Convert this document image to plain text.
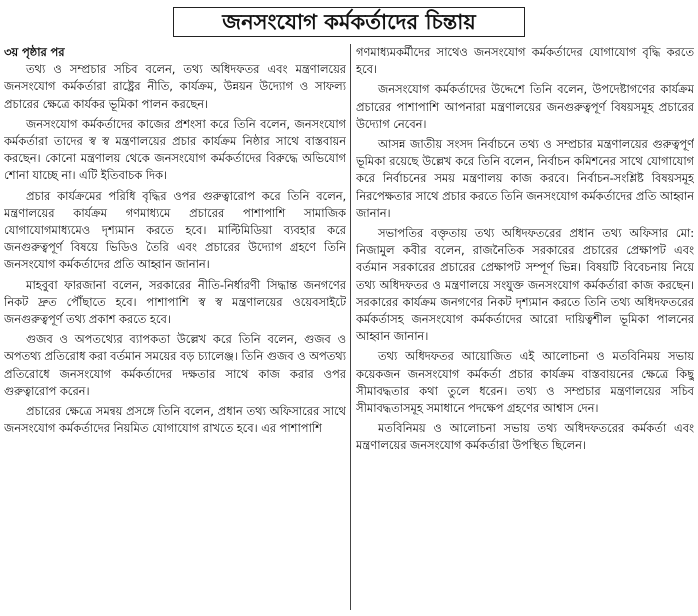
জনসংযোগ কর্মকর্তাদের চিন্তায়

৩য় পৃষ্ঠার পর

তথ্য ও সম্প্রচার সচিব বলেন, তথ্য অধিদফতর এবং মন্ত্রণালয়ের জনসংযোগ কর্মকর্তারা রাষ্ট্রের নীতি, কার্যক্রম, উন্নয়ন উদ্যোগ ও সাফল্য প্রচারের ক্ষেত্রে কার্যকর ভূমিকা পালন করছেন।

জনসংযোগ কর্মকর্তাদের কাজের প্রশংসা করে তিনি বলেন, জনসংযোগ কর্মকর্তারা তাদের স্ব স্ব মন্ত্রণালয়ের প্রচার কার্যক্রম নিষ্ঠার সাথে বাস্তবায়ন করছেন। কোনো মন্ত্রণালয় থেকে জনসংযোগ কর্মকর্তাদের বিরুদ্ধে অভিযোগ শোনা যাচ্ছে না। এটি ইতিবাচক দিক।

প্রচার কার্যক্রমের পরিধি বৃদ্ধির ওপর গুরুত্বারোপ করে তিনি বলেন, মন্ত্রণালয়ের কার্যক্রম গণমাধ্যমে প্রচারের পাশাপাশি সামাজিক যোগাযোগমাধ্যমেও দৃশ্যমান করতে হবে। মাল্টিমিডিয়া ব্যবহার করে জনগুরুত্বপূর্ণ বিষয়ে ভিডিও তৈরি এবং প্রচারের উদ্যোগ গ্রহণে তিনি জনসংযোগ কর্মকর্তাদের প্রতি আহ্বান জানান।

মাহবুবা ফারজানা বলেন, সরকারের নীতি-নির্ধারণী সিদ্ধান্ত জনগণের নিকট দ্রুত পৌঁছাতে হবে। পাশাপাশি স্ব স্ব মন্ত্রণালয়ের ওয়েবসাইটে জনগুরুত্বপূর্ণ তথ্য প্রকাশ করতে হবে।

গুজব ও অপতথ্যের ব্যাপকতা উল্লেখ করে তিনি বলেন, গুজব ও অপতথ্য প্রতিরোধ করা বর্তমান সময়ের বড় চ্যালেঞ্জ। তিনি গুজব ও অপতথ্য প্রতিরোধে জনসংযোগ কর্মকর্তাদের দক্ষতার সাথে কাজ করার ওপর গুরুত্বারোপ করেন।

প্রচারের ক্ষেত্রে সমন্বয় প্রসঙ্গে তিনি বলেন, প্রধান তথ্য অফিসারের সাথে জনসংযোগ কর্মকর্তাদের নিয়মিত যোগাযোগ রাখতে হবে। এর পাশাপাশি

গণমাধ্যমকর্মীদের সাথেও জনসংযোগ কর্মকর্তাদের যোগাযোগ বৃদ্ধি করতে হবে।

জনসংযোগ কর্মকর্তাদের উদ্দেশে তিনি বলেন, উপদেষ্টাগণের কার্যক্রম প্রচারের পাশাপাশি আপনারা মন্ত্রণালয়ের জনগুরুত্বপূর্ণ বিষয়সমূহ প্রচারের উদ্যোগ নেবেন।

আসন্ন জাতীয় সংসদ নির্বাচনে তথ্য ও সম্প্রচার মন্ত্রণালয়ের গুরুত্বপূর্ণ ভূমিকা রয়েছে উল্লেখ করে তিনি বলেন, নির্বাচন কমিশনের সাথে যোগাযোগ করে নির্বাচনের সময় মন্ত্রণালয় কাজ করবে। নির্বাচন-সংশ্লিষ্ট বিষয়সমূহ নিরপেক্ষতার সাথে প্রচার করতে তিনি জনসংযোগ কর্মকর্তাদের প্রতি আহ্বান জানান।

সভাপতির বক্তৃতায় তথ্য অধিদফতরের প্রধান তথ্য অফিসার মো: নিজামুল কবীর বলেন, রাজনৈতিক সরকারের প্রচারের প্রেক্ষাপট এবং বর্তমান সরকারের প্রচারের প্রেক্ষাপট সম্পূর্ণ ভিন্ন। বিষয়টি বিবেচনায় নিয়ে তথ্য অধিদফতর ও মন্ত্রণালয়ে সংযুক্ত জনসংযোগ কর্মকর্তারা কাজ করছেন। সরকারের কার্যক্রম জনগণের নিকট দৃশ্যমান করতে তিনি তথ্য অধিদফতরের কর্মকর্তাসহ জনসংযোগ কর্মকর্তাদের আরো দায়িত্বশীল ভূমিকা পালনের আহ্বান জানান।

তথ্য অধিদফতর আয়োজিত এই আলোচনা ও মতবিনিময় সভায় কয়েকজন জনসংযোগ কর্মকর্তা প্রচার কার্যক্রম বাস্তবায়নের ক্ষেত্রে কিছু সীমাবদ্ধতার কথা তুলে ধরেন। তথ্য ও সম্প্রচার মন্ত্রণালয়ের সচিব সীমাবদ্ধতাসমূহ সমাধানে পদক্ষেপ গ্রহণের আশ্বাস দেন।

মতবিনিময় ও আলোচনা সভায় তথ্য অধিদফতরের কর্মকর্তা এবং মন্ত্রণালয়ের জনসংযোগ কর্মকর্তারা উপস্থিত ছিলেন।
